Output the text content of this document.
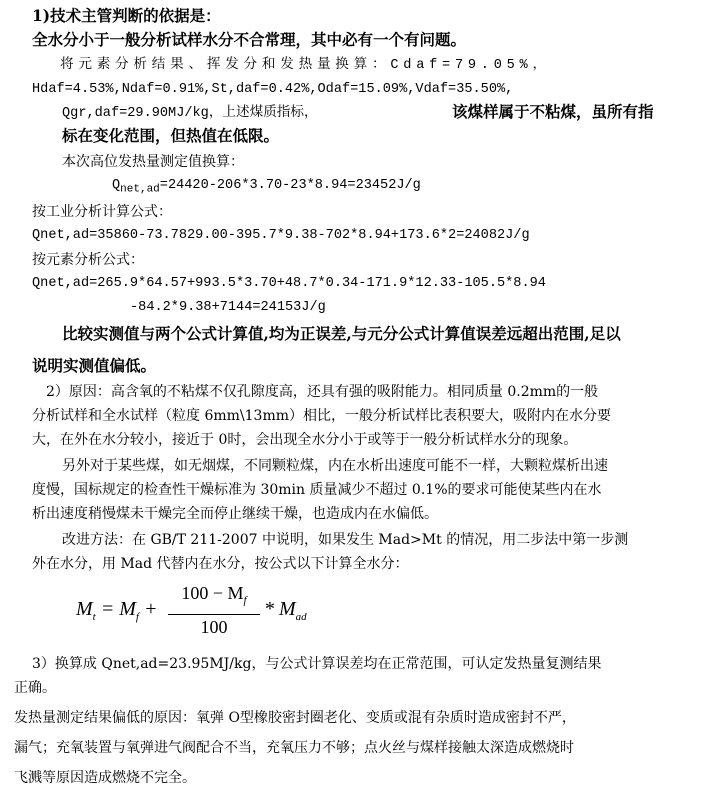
1)技术主管判断的依据是：
全水分小于一般分析试样水分不合常理，其中必有一个有问题。
将元素分析结果、挥发分和发热量换算：Cdaf=79.05%，
Hdaf=4.53%,Ndaf=0.91%,St,daf=0.42%,Odaf=15.09%,Vdaf=35.50%,
Qgr,daf=29.90MJ/kg，上述煤质指标，	该煤样属于不粘煤，虽所有指
标在变化范围，但热值在低限。
本次高位发热量测定值换算：
$Q_{net,ad}=24420-206*3.70-23*8.94=23452J/g$
按工业分析计算公式：
Qnet,ad=35860-73.7829.00-395.7*9.38-702*8.94+173.6*2=24082J/g
按元素分析公式：
Qnet,ad=265.9*64.57+993.5*3.70+48.7*0.34-171.9*12.33-105.5*8.94
-84.2*9.38+7144=24153J/g
比较实测值与两个公式计算值,均为正误差,与元分公式计算值误差远超出范围,足以
说明实测值偏低。
2）原因：高含氧的不粘煤不仅孔隙度高，还具有强的吸附能力。相同质量 0.2mm的一般
分析试样和全水试样（粒度 6mm\13mm）相比，一般分析试样比表积要大，吸附内在水分要
大，在外在水分较小，接近于 0时，会出现全水分小于或等于一般分析试样水分的现象。
另外对于某些煤，如无烟煤，不同颗粒煤，内在水析出速度可能不一样，大颗粒煤析出速
度慢，国标规定的检查性干燥标准为 30min 质量减少不超过 0.1%的要求可能使某些内在水
析出速度稍慢煤未干燥完全而停止继续干燥，也造成内在水偏低。
改进方法：在 GB/T 211-2007 中说明，如果发生 Mad>Mt 的情况，用二步法中第一步测
外在水分，用 Mad 代替内在水分，按公式以下计算全水分：
$M_t = M_f + \frac{100 - M_f}{100} * M_{ad}$
3）换算成 Qnet,ad=23.95MJ/kg，与公式计算误差均在正常范围，可认定发热量复测结果
正确。
发热量测定结果偏低的原因：氧弹 O型橡胶密封圈老化、变质或混有杂质时造成密封不严，
漏气；充氧装置与氧弹进气阀配合不当，充氧压力不够；点火丝与煤样接触太深造成燃烧时
飞溅等原因造成燃烧不完全。
